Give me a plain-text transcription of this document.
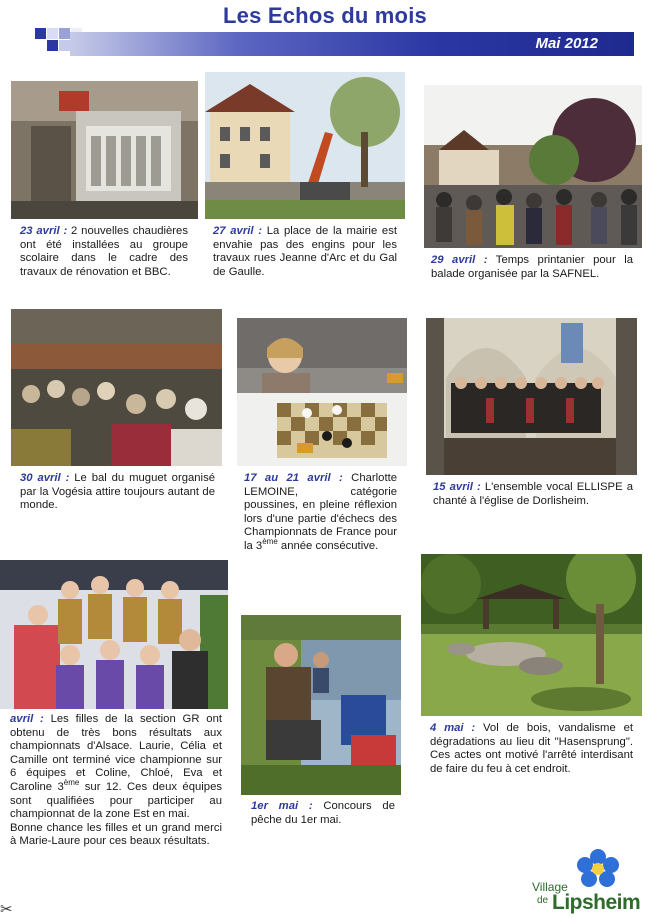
Les Echos du mois
Mai 2012
23 avril : 2 nouvelles chaudières ont été installées au groupe scolaire dans le cadre des travaux de rénovation et BBC.
27 avril : La place de la mairie est envahie pas des engins pour les travaux rues Jeanne d'Arc et du Gal de Gaulle.
29 avril : Temps printanier pour la balade organisée par la SAFNEL.
30 avril : Le bal du muguet organisé par la Vogésia attire toujours autant de monde.
17 au 21 avril : Charlotte LEMOINE, catégorie poussines, en pleine réflexion lors d'une partie d'échecs des Championnats de France pour la 3ème année consécutive.
15 avril : L'ensemble vocal ELLISPE a chanté à l'église de Dorlisheim.
avril : Les filles de la section GR ont obtenu de très bons résultats aux championnats d'Alsace. Laurie, Célia et Camille ont terminé vice championne sur 6 équipes et Coline, Chloé, Eva et Caroline 3ème sur 12. Ces deux équipes sont qualifiées pour participer au championnat de la zone Est en mai.
Bonne chance les filles et un grand merci à Marie-Laure pour ces beaux résultats.
1er mai : Concours de pêche du 1er mai.
4 mai : Vol de bois, vandalisme et dégradations au lieu dit "Hasensprung". Ces actes ont motivé l'arrêté interdisant de faire du feu à cet endroit.
Village
de Lipsheim
✂
